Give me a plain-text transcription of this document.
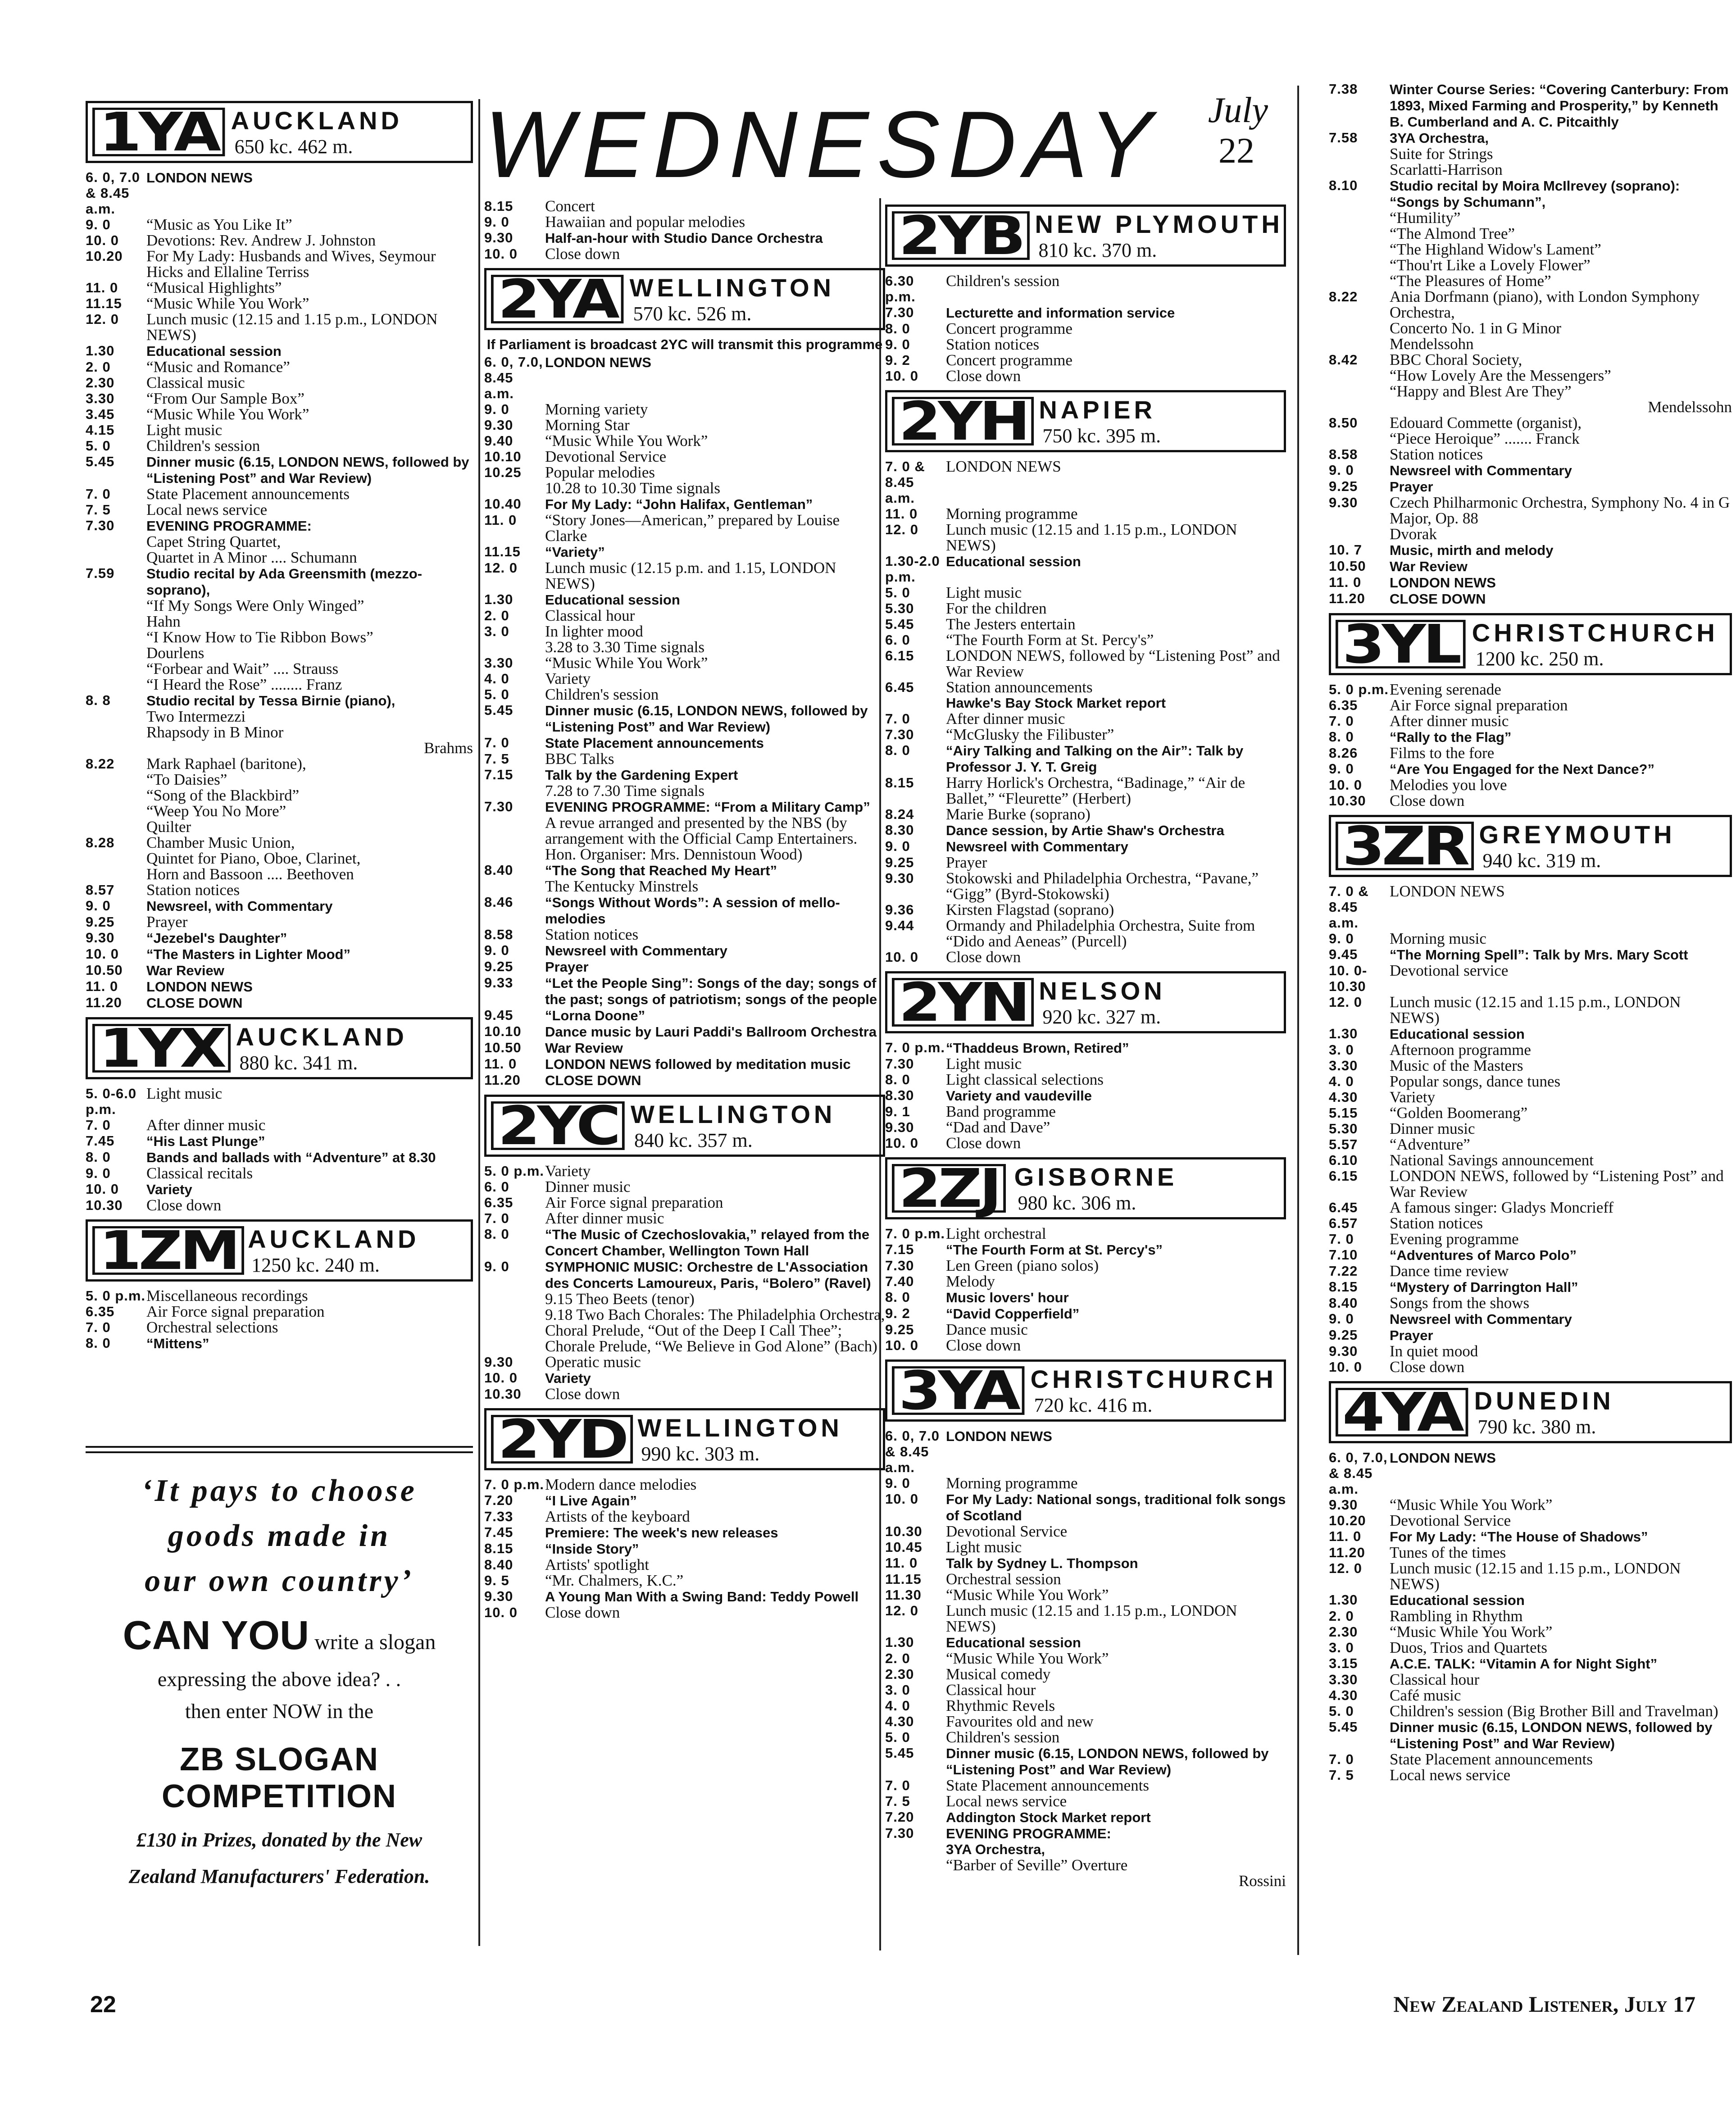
WEDNESDAY July
22
1YA AUCKLAND
650 kc. 462 m.
6. 0, 7.0 & 8.45 a.m.
LONDON NEWS
9. 0	“Music as You Like It”
10. 0	Devotions: Rev. Andrew J. Johnston
10.20	For My Lady: Husbands and Wives, Seymour Hicks and Ellaline Terriss
11. 0	“Musical Highlights”
11.15	“Music While You Work”
12. 0	Lunch music (12.15 and 1.15 p.m., LONDON NEWS)
1.30	Educational session
2. 0	“Music and Romance”
2.30	Classical music
3.30	“From Our Sample Box”
3.45	“Music While You Work”
4.15	Light music
5. 0	Children's session
5.45	Dinner music (6.15, LONDON NEWS, followed by “Listening Post” and War Review)
7. 0	State Placement announcements
7. 5	Local news service
7.30	EVENING PROGRAMME:
Capet String Quartet,
Quartet in A Minor .... Schumann
7.59	Studio recital by Ada Greensmith (mezzo-soprano),
“If My Songs Were Only Winged”
Hahn
“I Know How to Tie Ribbon Bows”
Dourlens
“Forbear and Wait” .... Strauss
“I Heard the Rose” ........ Franz
8. 8	Studio recital by Tessa Birnie (piano),
Two Intermezzi
Rhapsody in B Minor
Brahms
8.22	Mark Raphael (baritone),
“To Daisies”
“Song of the Blackbird”
“Weep You No More”
Quilter
8.28	Chamber Music Union,
Quintet for Piano, Oboe, Clarinet,
Horn and Bassoon .... Beethoven
8.57	Station notices
9. 0	Newsreel, with Commentary
9.25	Prayer
9.30	“Jezebel's Daughter”
10. 0	“The Masters in Lighter Mood”
10.50	War Review
11. 0	LONDON NEWS
11.20	CLOSE DOWN
1YX AUCKLAND
880 kc. 341 m.
5. 0-6.0 p.m.
Light music
7. 0	After dinner music
7.45	“His Last Plunge”
8. 0	Bands and ballads with “Adventure” at 8.30
9. 0	Classical recitals
10. 0	Variety
10.30	Close down
1ZM AUCKLAND
1250 kc. 240 m.
5. 0 p.m. Miscellaneous recordings
6.35	Air Force signal preparation
7. 0	Orchestral selections
8. 0	“Mittens”
‘It pays to choose
goods made in
our own country’
CAN YOU write a slogan
expressing the above idea? . .
then enter NOW in the
ZB SLOGAN COMPETITION
£130 in Prizes, donated by the New
Zealand Manufacturers' Federation.
8.15	Concert
9. 0	Hawaiian and popular melodies
9.30	Half-an-hour with Studio Dance Orchestra
10. 0	Close down
2YA WELLINGTON
570 kc. 526 m.
If Parliament is broadcast 2YC will transmit this programme
6. 0, 7.0, 8.45 a.m.
LONDON NEWS
9. 0	Morning variety
9.30	Morning Star
9.40	“Music While You Work”
10.10	Devotional Service
10.25	Popular melodies
10.28 to 10.30 Time signals
10.40	For My Lady: “John Halifax, Gentleman”
11. 0	“Story Jones—American,” prepared by Louise Clarke
11.15	“Variety”
12. 0	Lunch music (12.15 p.m. and 1.15, LONDON NEWS)
1.30	Educational session
2. 0	Classical hour
3. 0	In lighter mood
3.28 to 3.30 Time signals
3.30	“Music While You Work”
4. 0	Variety
5. 0	Children's session
5.45	Dinner music (6.15, LONDON NEWS, followed by “Listening Post” and War Review)
7. 0	State Placement announcements
7. 5	BBC Talks
7.15	Talk by the Gardening Expert
7.28 to 7.30 Time signals
7.30	EVENING PROGRAMME: “From a Military Camp”
A revue arranged and presented by the NBS (by arrangement with the Official Camp Entertainers. Hon. Organiser: Mrs. Dennistoun Wood)
8.40	“The Song that Reached My Heart”
The Kentucky Minstrels
8.46	“Songs Without Words”: A session of mello-melodies
8.58	Station notices
9. 0	Newsreel with Commentary
9.25	Prayer
9.33	“Let the People Sing”: Songs of the day; songs of the past; songs of patriotism; songs of the people
9.45	“Lorna Doone”
10.10	Dance music by Lauri Paddi's Ballroom Orchestra
10.50	War Review
11. 0	LONDON NEWS followed by meditation music
11.20	CLOSE DOWN
2YC WELLINGTON
840 kc. 357 m.
5. 0 p.m. Variety
6. 0	Dinner music
6.35	Air Force signal preparation
7. 0	After dinner music
8. 0	“The Music of Czechoslovakia,” relayed from the Concert Chamber, Wellington Town Hall
9. 0	SYMPHONIC MUSIC: Orchestre de L'Association des Concerts Lamoureux, Paris, “Bolero” (Ravel)
9.15 Theo Beets (tenor)
9.18 Two Bach Chorales: The Philadelphia Orchestra, Choral Prelude, “Out of the Deep I Call Thee”; Chorale Prelude, “We Believe in God Alone” (Bach)
9.30	Operatic music
10. 0	Variety
10.30	Close down
2YD WELLINGTON
990 kc. 303 m.
7. 0 p.m. Modern dance melodies
7.20	“I Live Again”
7.33	Artists of the keyboard
7.45	Premiere: The week's new releases
8.15	“Inside Story”
8.40	Artists' spotlight
9. 5	“Mr. Chalmers, K.C.”
9.30	A Young Man With a Swing Band: Teddy Powell
10. 0	Close down
2YB NEW PLYMOUTH
810 kc. 370 m.
6.30 p.m.
Children's session
7.30	Lecturette and information service
8. 0	Concert programme
9. 0	Station notices
9. 2	Concert programme
10. 0	Close down
2YH NAPIER
750 kc. 395 m.
7. 0 & 8.45 a.m.
LONDON NEWS
11. 0	Morning programme
12. 0	Lunch music (12.15 and 1.15 p.m., LONDON NEWS)
1.30-2.0 p.m.
Educational session
5. 0	Light music
5.30	For the children
5.45	The Jesters entertain
6. 0	“The Fourth Form at St. Percy's”
6.15	LONDON NEWS, followed by “Listening Post” and War Review
6.45	Station announcements
Hawke's Bay Stock Market report
7. 0	After dinner music
7.30	“McGlusky the Filibuster”
8. 0	“Airy Talking and Talking on the Air”: Talk by Professor J. Y. T. Greig
8.15	Harry Horlick's Orchestra, “Badinage,” “Air de Ballet,” “Fleurette” (Herbert)
8.24	Marie Burke (soprano)
8.30	Dance session, by Artie Shaw's Orchestra
9. 0	Newsreel with Commentary
9.25	Prayer
9.30	Stokowski and Philadelphia Orchestra, “Pavane,” “Gigg” (Byrd-Stokowski)
9.36	Kirsten Flagstad (soprano)
9.44	Ormandy and Philadelphia Orchestra, Suite from “Dido and Aeneas” (Purcell)
10. 0	Close down
2YN NELSON
920 kc. 327 m.
7. 0 p.m. “Thaddeus Brown, Retired”
7.30	Light music
8. 0	Light classical selections
8.30	Variety and vaudeville
9. 1	Band programme
9.30	“Dad and Dave”
10. 0	Close down
2ZJ GISBORNE
980 kc. 306 m.
7. 0 p.m. Light orchestral
7.15	“The Fourth Form at St. Percy's”
7.30	Len Green (piano solos)
7.40	Melody
8. 0	Music lovers' hour
9. 2	“David Copperfield”
9.25	Dance music
10. 0	Close down
3YA CHRISTCHURCH
720 kc. 416 m.
6. 0, 7.0 & 8.45 a.m.
LONDON NEWS
9. 0	Morning programme
10. 0	For My Lady: National songs, traditional folk songs of Scotland
10.30	Devotional Service
10.45	Light music
11. 0	Talk by Sydney L. Thompson
11.15	Orchestral session
11.30	“Music While You Work”
12. 0	Lunch music (12.15 and 1.15 p.m., LONDON NEWS)
1.30	Educational session
2. 0	“Music While You Work”
2.30	Musical comedy
3. 0	Classical hour
4. 0	Rhythmic Revels
4.30	Favourites old and new
5. 0	Children's session
5.45	Dinner music (6.15, LONDON NEWS, followed by “Listening Post” and War Review)
7. 0	State Placement announcements
7. 5	Local news service
7.20	Addington Stock Market report
7.30	EVENING PROGRAMME:
3YA Orchestra,
“Barber of Seville” Overture
Rossini
7.38	Winter Course Series: “Covering Canterbury: From 1893, Mixed Farming and Prosperity,” by Kenneth B. Cumberland and A. C. Pitcaithly
7.58	3YA Orchestra,
Suite for Strings
Scarlatti-Harrison
8.10	Studio recital by Moira McIlrevey (soprano): “Songs by Schumann”,
“Humility”
“The Almond Tree”
“The Highland Widow's Lament”
“Thou'rt Like a Lovely Flower”
“The Pleasures of Home”
8.22	Ania Dorfmann (piano), with London Symphony Orchestra,
Concerto No. 1 in G Minor
Mendelssohn
8.42	BBC Choral Society,
“How Lovely Are the Messengers”
“Happy and Blest Are They”
Mendelssohn
8.50	Edouard Commette (organist),
“Piece Heroique” ....... Franck
8.58	Station notices
9. 0	Newsreel with Commentary
9.25	Prayer
9.30	Czech Philharmonic Orchestra, Symphony No. 4 in G Major, Op. 88
Dvorak
10. 7	Music, mirth and melody
10.50	War Review
11. 0	LONDON NEWS
11.20	CLOSE DOWN
3YL CHRISTCHURCH
1200 kc. 250 m.
5. 0 p.m. Evening serenade
6.35	Air Force signal preparation
7. 0	After dinner music
8. 0	“Rally to the Flag”
8.26	Films to the fore
9. 0	“Are You Engaged for the Next Dance?”
10. 0	Melodies you love
10.30	Close down
3ZR GREYMOUTH
940 kc. 319 m.
7. 0 & 8.45 a.m.
LONDON NEWS
9. 0	Morning music
9.45	“The Morning Spell”: Talk by Mrs. Mary Scott
10. 0-10.30
Devotional service
12. 0	Lunch music (12.15 and 1.15 p.m., LONDON NEWS)
1.30	Educational session
3. 0	Afternoon programme
3.30	Music of the Masters
4. 0	Popular songs, dance tunes
4.30	Variety
5.15	“Golden Boomerang”
5.30	Dinner music
5.57	“Adventure”
6.10	National Savings announcement
6.15	LONDON NEWS, followed by “Listening Post” and War Review
6.45	A famous singer: Gladys Moncrieff
6.57	Station notices
7. 0	Evening programme
7.10	“Adventures of Marco Polo”
7.22	Dance time review
8.15	“Mystery of Darrington Hall”
8.40	Songs from the shows
9. 0	Newsreel with Commentary
9.25	Prayer
9.30	In quiet mood
10. 0	Close down
4YA DUNEDIN
790 kc. 380 m.
6. 0, 7.0, & 8.45 a.m.
LONDON NEWS
9.30	“Music While You Work”
10.20	Devotional Service
11. 0	For My Lady: “The House of Shadows”
11.20	Tunes of the times
12. 0	Lunch music (12.15 and 1.15 p.m., LONDON NEWS)
1.30	Educational session
2. 0	Rambling in Rhythm
2.30	“Music While You Work”
3. 0	Duos, Trios and Quartets
3.15	A.C.E. TALK: “Vitamin A for Night Sight”
3.30	Classical hour
4.30	Café music
5. 0	Children's session (Big Brother Bill and Travelman)
5.45	Dinner music (6.15, LONDON NEWS, followed by “Listening Post” and War Review)
7. 0	State Placement announcements
7. 5	Local news service
22	New Zealand Listener, July 17
